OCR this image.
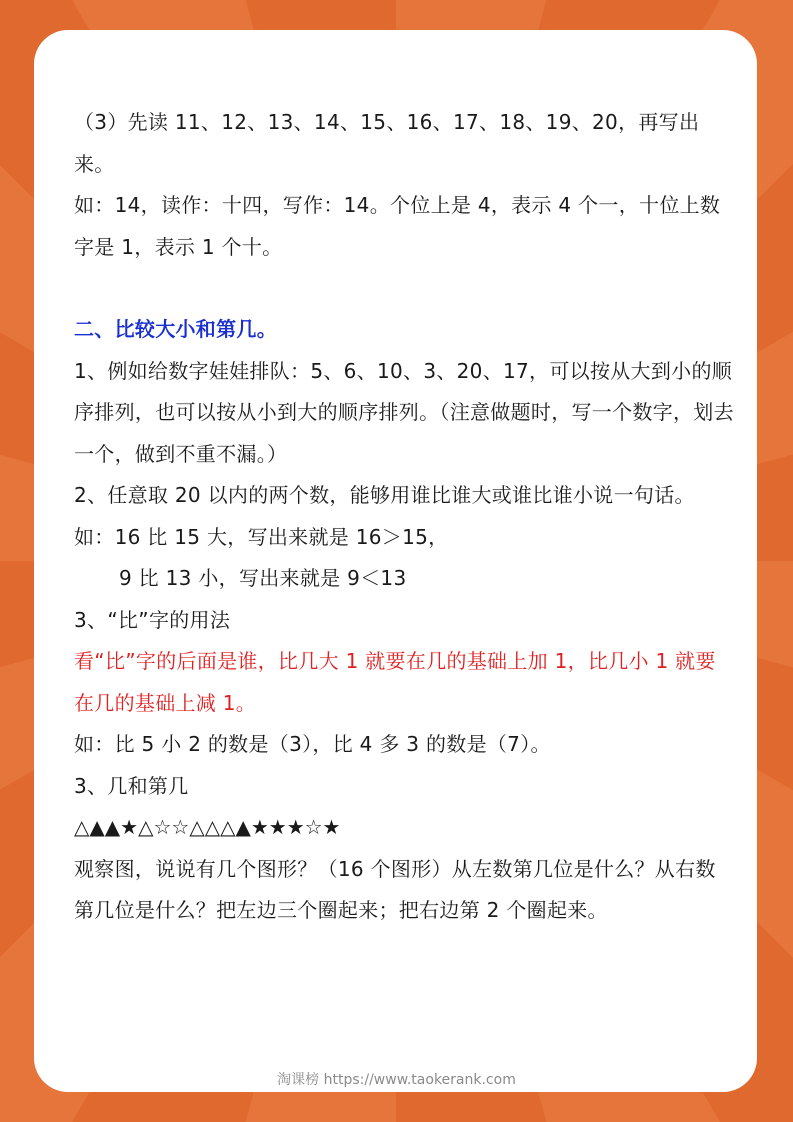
（3）先读 11、12、13、14、15、16、17、18、19、20，再写出来。

如：14，读作：十四，写作：14。个位上是 4，表示 4 个一，十位上数字是 1，表示 1 个十。

二、比较大小和第几。

1、例如给数字娃娃排队：5、6、10、3、20、17，可以按从大到小的顺序排列，也可以按从小到大的顺序排列。（注意做题时，写一个数字，划去一个，做到不重不漏。）

2、任意取 20 以内的两个数，能够用谁比谁大或谁比谁小说一句话。

如：16 比 15 大，写出来就是 16＞15，

9 比 13 小，写出来就是 9＜13

3、“比”字的用法

看“比”字的后面是谁，比几大 1 就要在几的基础上加 1，比几小 1 就要在几的基础上减 1。

如：比 5 小 2 的数是（3），比 4 多 3 的数是（7）。

3、几和第几

△▲▲★△☆☆△△△▲★★★☆★

观察图，说说有几个图形？（16 个图形）从左数第几位是什么？从右数第几位是什么？把左边三个圈起来；把右边第 2 个圈起来。

淘课榜 https://www.taokerank.com
